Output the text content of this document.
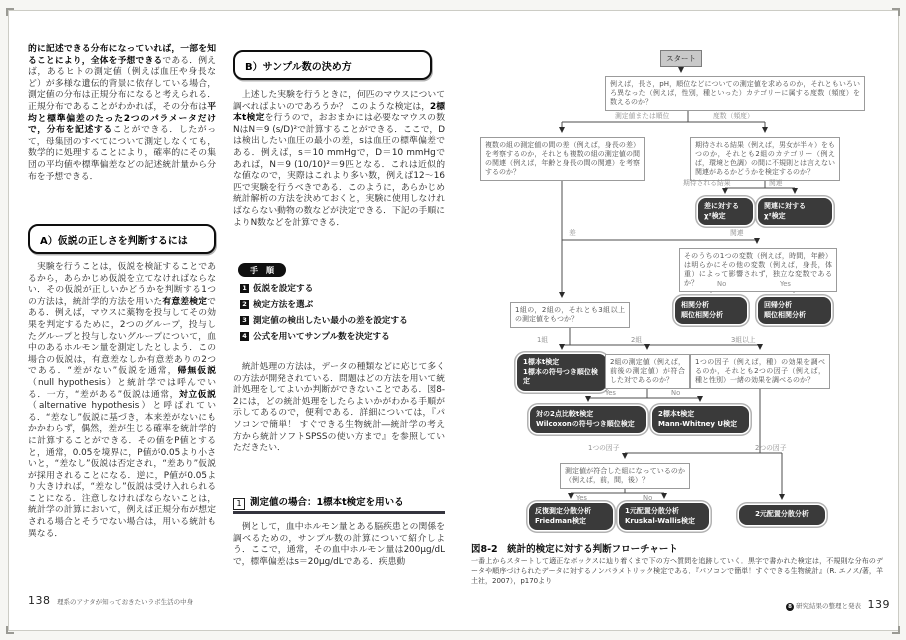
的に記述できる分布になっていれば，一部を知ることにより，全体を予想できるである．例えば，あるヒトの測定値（例えば血圧や身長など）が多様な遺伝的背景に依存している場合，測定値の分布は正規分布になると考えられる．正規分布であることがわかれば，その分布は平均と標準偏差のたった2つのパラメータだけで，分布を記述することができる．したがって，母集団のすべてについて測定しなくても，数学的に処理することにより，確率的にその集団の平均値や標準偏差などの記述統計量から分布を予想できる．
A）仮説の正しさを判断するには
　実験を行うことは，仮説を検証することであるから，あらかじめ仮説を立てなければならない．その仮説が正しいかどうかを判断する1つの方法は，統計学的方法を用いた有意差検定である．例えば，マウスに薬物を投与してその効果を判定するために，2つのグループ，投与したグループと投与しないグループについて，血中のあるホルモン量を測定したとしよう．この場合の仮説は，有意差なしか有意差ありの2つである．“差がない”仮説を通常，帰無仮説（null hypothesis）と統計学では呼んでいる．一方，“差がある”仮説は通常，対立仮説（alternative hypothesis）と呼ばれている．“差なし”仮説に基づき，本来差がないにもかかわらず，偶然，差が生じる確率を統計学的に計算することができる．その値をP値とすると，通常，0.05を境界に，P値が0.05より小さいと，“差なし”仮説は否定され，“差あり”仮説が採用されることになる．逆に，P値が0.05より大きければ，“差なし”仮説は受け入れられることになる．注意しなければならないことは，統計学の計算において，例えば正規分布が想定される場合とそうでない場合は，用いる統計も異なる．
138　 理系のアナタが知っておきたいラボ生活の中身
B）サンプル数の決め方
　上述した実験を行うときに，何匹のマウスについて調べればよいのであろうか？ このような検定は，2標本t検定を行うので，おおまかには必要なマウスの数NはN＝9 (s/D)²で計算することができる．ここで，Dは検出したい血圧の最小の差，sは血圧の標準偏差である．例えば，s＝10 mmHgで，D＝10 mmHgであれば，N＝9 (10/10)²＝9匹となる．これは近似的な値なので，実際はこれより多い数，例えば12〜16匹で実験を行うべきである．このように，あらかじめ統計解析の方法を決めておくと，実験に使用しなければならない動物の数などが決定できる．下記の手順によりN数などを計算できる．
手　順
1 仮説を設定する
2 検定方法を選ぶ
3 測定値の検出したい最小の差を設定する
4 公式を用いてサンプル数を決定する
　統計処理の方法は，データの種類などに応じて多くの方法が開発されている．問題はどの方法を用いて統計処理をしてよいか判断ができないことである．図8-2には，どの統計処理をしたらよいかがわかる手順が示してあるので，便利である．詳細については，『パソコンで簡単！ すぐできる生物統計―統計学の考え方から統計ソフトSPSSの使い方まで』を参照していただきたい．
1 測定値の場合：1標本t検定を用いる
　例として，血中ホルモン量とある脳疾患との関係を調べるための，サンプル数の計算について紹介しよう．ここで，通常，その血中ホルモン量は200μg/dLで，標準偏差はs＝20μg/dLである．疾患動
スタート
例えば，長さ，pH，順位などについての測定値を求めるのか，それともいろいろ異なった（例えば，性別，種といった）カテゴリーに属する度数（頻度）を数えるのか？
測定値または順位	度数（頻度）
複数の組の測定値の間の差（例えば，身長の差）を考察するのか，それとも複数の組の測定値の間の関連（例えば，年齢と身長の間の関連）を考察するのか？
期待される結果（例えば，男女が半々）をもつのか，それとも2組のカテゴリー（例えば，環境と色調）の間に不規則とは言えない関連があるかどうかを検定するのか？
期待される結果	関連
差に対する
χ²検定
関連に対する
χ²検定
差	関連
そのうちの1つの変数（例えば，時間，年齢）は明らかにその他の変数（例えば，身長，体重）によって影響されず，独立な変数であるか？	No	Yes
相関分析
順位相関分析
回帰分析
順位相関分析
1組の，2組の，それとも3組以上の測定値をもつか？
1組	2組	3組以上
1標本t検定
1標本の符号つき順位検定
2組の測定値（例えば，前後の測定値）が符合した対であるのか？
1つの因子（例えば，種）の効果を調べるのか，それとも2つの因子（例えば，種と性別）一緒の効果を調べるのか？
Yes	No
対の2点比較t検定
Wilcoxonの符号つき順位検定
2標本t検定
Mann-Whitney U検定
1つの因子	2つの因子
測定値が符合した組になっているのか（例えば，前，間，後）？
Yes	No
反復測定分散分析
Friedman検定
1元配置分散分析
Kruskal-Wallis検定
2元配置分散分析
図8-2　統計的検定に対する判断フローチャート
一番上からスタートして適正なボックスに辿り着くまで下の方へ質問を追跡していく．黒字で書かれた検定は，不規則な分布のデータや順序づけられたデータに対するノンパラメトリック検定である．『パソコンで簡単！すぐできる生物統計』（R. エノス/著，羊土社，2007），p170より
8 研究結果の整理と発表　 139
